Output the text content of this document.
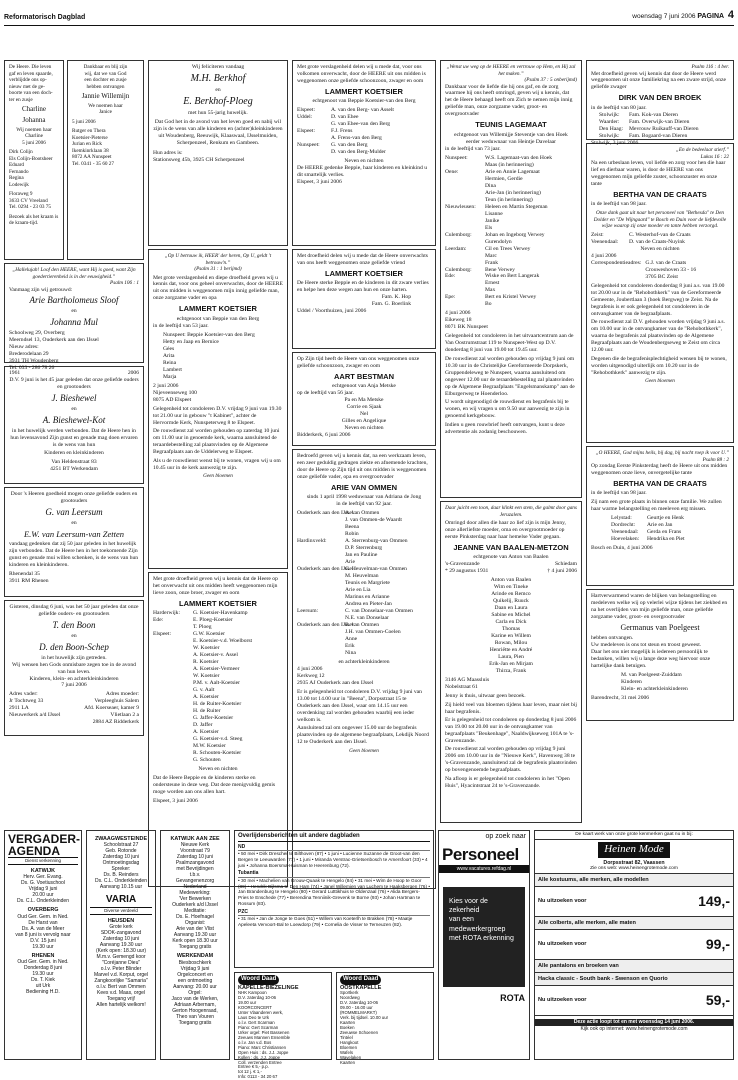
Reformatorisch Dagblad	woensdag 7 juni 2006 PAGINA 4
De Heere. Die leven
gaf en leven spaarde,
verblijdde ons op-
nieuw met de ge-
boorte van een doch-
ter en zusje
Charline
Johanna
Wij noemen haar
Charline
5 juni 2006
Dirk Colijn
Els Colijn-Bootsheer
Eduard
Fernando
Regina
Lodewijk
Floraweg 9
3633 CV Vreeland
Tel. 0294 - 23 03 75
Bezoek als het kraam is de kraam-tijd.
Dankbaar en blij zijn
wij, dat we van God
een dochter en zusje
hebben ontvangen
Jannie Willemijn
We noemen haar
Janice
5 juni 2006
Rutger en Thera
Koetsier-Pieterse
Jurian en Rick
Ikemkinrklaan 38
8072 AA Nunspeet
Tel. 0341 - 35 60 27
„Hallelujah! Loof den HEERE, want Hij is goed, want Zijn goedertierenheid is in der eeuwigheid.”
Psalm 106 : 1
Vanmaag zijn wij getrouwd:
Arie Bartholomeus Sloof
en
Johanna Mul
Schoolweg 29, Overberg
Meerndsel 13, Ouderkerk aan den IJssel
Nieuw adres:
Brederodelaan 29
3931 TH Woudenberg
Tel. 033 - 286 78 26
1961	2006
D.V. 9 juni is het 45 jaar geleden dat onze geliefde ouders en grootouders
J. Bieshewel
en
A. Bieshewel-Kot
in het huwelijk werden verbonden. Dat de Heere hen in hun levensavond Zijn gunst en genade mag doen ervaren is de wens van hun
Kinderen en kleinkinderen
Van Heldenstraat 83
4251 BT Werkendam
Door 's Heeren goedheid mogen onze geliefde ouders en grootouders
G. van Leersum
en
E.W. van Leersum-van Zetten
vandaag gedenken dat zij 50 jaar geleden in het huwelijk zijn verbonden. Dat de Heere hen in het toekomende Zijn gunst en genade mui willen schenken, is de wens van hun kinderen en kleinkinderen.
Rhenendal 35
3911 RM Rhenen
Gisteren, dinsdag 6 juni, was het 50 jaar geleden dat onze geliefde ouders- en grootouders
T. den Boon
en
D. den Boon-Schep
in het huwelijk zijn getreden.
Wij wensen hen Gods onmisbare zegen toe in de avond van hun leven.
Kinderen, klein- en achterkleinkinderen
7 juni 2006
Adres vader:
Jr Tochtweg 33
2911 LA
Nieuwerkerk a/d IJssel
Adres moeder:
Verpleeghuis Salem
Afd. Koerseaer, kamer 9
Vlietlaan 2 a
2884 AZ Ridderkerk
Wij feliciteren vandaag
M.H. Berkhof
en
E. Berkhof-Ploeg
met hun 55-jarig huwelijk.
Dat God het in de avond van het leven goed en nabij wil zijn is de wens van alle kinderen en (achter)kleinkinderen uit Woudenberg, Reeuwijk, Klaaswaal, IJsselmuiden, Scherpenzeel, Renkum en Gambeen.
Hun adres is:
Stationsweg 45b, 3925 CH Scherpenzeel
„Op U betrouw ik, HEER' der heren, Op U, geldt 't betrouw'n.”
(Psalm 31 : 1 berijmd)
Met grote verslagenheid en diepe droefheid geven wij u kennis dat, voor ons geheel onverwachts, door de HEERE uit ons midden is weggenomen mijn innig geliefde man, onze zorgzame vader en opa
LAMMERT KOETSIER
echtgenoot van Beppie van den Berg
in de leeftijd van 53 jaar.
Nunspeet: Beppie Koetsier-van den Berg
Hetty en Jaap en Bernice
Gées
Arita
Reina
Lambert
Marja
2 juni 2006
Nijeveenseweg 100
8075 AD Elspeet

Gelegenheid tot condoleren D.V. vrijdag 9 juni van 19.30 tot 21.00 uur in gebouw "t Kabinet", achter de Hervormde Kerk, Nunspeterweg 8 te Elspeet.

De rouwdienst zal worden gehouden op zaterdag 10 juni om 11.00 uur in genoemde kerk, waarna aansluitend de teraardebestelling zal plaatsvinden op de Algemene Begraafplaats aan de Uddelerweg te Elspeet.

Als u de rouwdienst wenst bij te wonen, vragen wij u om 10.45 uur in de kerk aanwezig te zijn.

Geen bloemen
Met grote droefheid geven wij u kennis dat de Heere op het onverwacht uit ons midden heeft weggenomen mijn lieve zoon, onze broer, zwager en oom
LAMMERT KOETSIER
Harderwijk:	G. Koetsier-Havenkamp
Ede:	E. Ploeg-Koetsier
T. Ploeg
Elspeet:	G.W. Koetsier
E. Koetsier-v.d. Woelborst
W. Koetsier
A. Koetsier-v. Assel
R. Koetsier
A. Koetsier-Vermeer
W. Koetsier
P.M. v. Aalt-Koetsier
G. v. Aalt
A. Koetsier
H. de Ruiter-Koetsier
H. de Ruiter
G. Jaffer-Koetsier
D. Jaffer
A. Koetsier
G. Koetsier-v.d. Steeg
M.W. Koetsier
R. Schouten-Koetsier
G. Schouten
Neven en nichten
Dat de Heere Beppie en de kinderen sterke en ondersteune in deze weg. Dat deze menigvuldig gemis moge worden aan ons allen hart.
Elspeet, 3 juni 2006
Met grote verslagenheid delen wij u mede dat, voor ons volkomen onverwacht, door de HEERE uit ons midden is weggenomen onze geliefde schoonzoon, zwager en oom
LAMMERT KOETSIER
echtgenoot van Beppie Koetsier-van den Berg
Elspeet:	A. van den Berg- van Asselt
Uddel:	D. van Ehee
G. van Ehee-van den Berg
Elspeet:	F.J. Frens
A. Frens-van den Berg
Nunspeet:	G. van den Berg
D. van den Berg-Mulder
Neven en nichten
De HEERE gedenke Beppie, haar kinderen en kleinkind u dit smartelijk verlies.
Elspeet, 3 juni 2006
Met droefheid delen wij u mede dat de Heere onverwachts van ons heeft weggenomen onze geliefde vriend
LAMMERT KOETSIER
De Heere sterke Beppie en de kinderen in dit zware verlies en helpe hen deze wegen aan hun en onze harten.
Fam. K. Hop
Fam. G. Boerlink
Uddel / Voorthuizen, juni 2006
Op Zijn tijd heeft de Heere van ons weggenomen onze geliefde schoonzoon, zwager en oom
AART BESTMAN
echtgenoot van Anja Metske
op de leeftijd van 56 jaar.
Pa en Ma Metske
Corrie en Sjaak
Nel
Gilles en Angelique
Neven en nichten
Bidderkerk, 6 juni 2006
Bedroefd geven wij u kennis dat, na een werkzaam leven, een zeer geduldig gedragen ziekte en afnemende krachten, door de Heere op Zijn tijd uit ons midden is weggenomen onze geliefde vader, opa en overgrootvader
ARIE VAN OMMEN
sinds 1 april 1998 weduwnaar van Adriana de Jong
in de leeftijd van 92 jaar.
Ouderkerk aan den IJssel:
A. van Ommen
J. van Ommen-de Waardt
Beena
Robin
Hardinxveld:	A. Sterrenburg-van Ommen
D.P. Sterrenburg
Jan en Pauline
Arie
Ouderkerk aan den IJssel:
G. Heuvelman-van Ommen
M. Heuvelman
Teunis en Margriete
Arie en Lia
Marinus en Arianne
Andrea en Pieter-Jan
Leersum:	C. van Donselaar-van Ommen
N.E. van Donselaar
Ouderkerk aan den IJssel:
B. van Ommen
J.H. van Ommen-Coelen
Anne
Erik
Nina
en achterkleinkinderen
4 juni 2006
Kerkweg 12
2935 AJ Ouderkerk aan den IJssel

Er is gelegenheid tot condoleren D.V. vrijdag 9 juni van 13.00 tot 14.00 uur in "Beena", Dorpsstraat 15 te Ouderkerk aan den IJssel, waar om 14.15 uur een overdenking zal worden gehouden waarbij een ieder welkom is.

Aansluitend zal om ongeveer 15.00 uur de begrafenis plaatsvinden op de algemene begraafplaats, Lekdijk Noord 12 te Ouderkerk aan den IJssel.

Geen bloemen
„Wenst uw weg op de HEERE en vertrouw op Hem, en Hij zal het maken.”
(Psalm 37 : 5 onberijmd)
Dankbaar voor de liefde die hij ons gaf, en de zorg waarmee hij ons heeft omringd, geven wij u kennis, dat het de Heere behaagd heeft om Zich te nemen mijn innig geliefde man, onze zorgzame vader, groot- en overgrootvader
TEUNIS LAGEMAAT
echtgenoot van Willemijje Steventje van den Hoek
eerder weduwnaar van Heintje Davelaar
in de leeftijd van 73 jaar.
Nunspeet:	W.S. Lagemaat-van den Hoek
Maas (in herinnering)
Oene:	Arie en Annie Lagemaat
Hermien, Gerdie
Dina
Arie-Jan (in herinnering)
Teun (in herinnering)
Nieuwleusen:	Heleen en Martin Stegeman
Lisanne
Janike
Els
Culemborg:	Johan en Ingeborg Verwey
Gurendolyn
Leerdam:	Cil en Trees Verwey
Marc
Frank
Culemborg:	Bene Verwey
Ede:	Wiske en Bert Langerak
Ernest
Max
Epe:	Bert en Kristel Verwey
Bo
4 juni 2006
Eikeweg 18
8071 BK Nunspeet

Gelegenheid tot condoleren in het uitvaartcentrum aan de Van Oostrumstraat 119 te Nunspeet-West op D.V. donderdag 8 juni van 19.00 tot 19.45 uur.

De rouwdienst zal worden gehouden op vrijdag 9 juni om 10.30 uur in de Christelijke Gereformeerde Dorpskerk, Gruppendeleweg te Nunspeet, waarna aansluitend om ongeveer 12.00 uur de teraardebestelling zal plaatsvinden op de Algemene Begraafplaats "Engelsmanskamp" aan de Elburgerweg te Hoenderloo.

U wordt uitgenodigd de rouwdienst en begrafenis bij te wonen, en wij vragen u om 9.50 uur aanwezig te zijn in genoemd kerkgebouw.

Indien u geen rouwbrief heeft ontvangen, kunt u deze advertentie als zodanig beschouwen.

Daar juicht een toon, daar klinkt een stem, die galmt door gans Jeruzalem.
Omringd door allen die haar zo lief zijn is mijn Jenny, onze allerliefste moeder, oma en overgrootmoeder op eerste Pinksterdag naar haar hemelse Vader gegaan.
JEANNE VAN BAALEN-METZON
echtgenote van Anton van Baalen
's-Gravenzande
* 29 augustus 1931
Schiedam
† 4 juni 2006
Anton van Baalen
Wim en Tineke
Arinde en Remco
Quikelij, Ruuck
Daan en Laura
Sabine en Michel
Carla en Dick
Thomas
Karine en Willem
Rowan, Milou
Henriëtte en André
Laura, Pien
Erik-Jan en Mirjam
Thirza, Frank
3146 AG Maassluis
Nobelstraat 61

Jenny is thuis, uitwaar geen bezoek.

Zij hield veel van bloemen tijdens haar leven, maar niet bij haar begrafenis.

Er is gelegenheid tot condoleren op donderdag 8 juni 2006 van 19.00 tot 20.00 uur in de ontvangkamer van begraafplaats "Beukenhage", Naaldwijkseweg 101A te 's-Gravenzande.

De rouwdienst zal worden gehouden op vrijdag 9 juni 2006 om 10.00 uur in de "Nieuwe Kerk", Havenweg 38 te 's-Gravenzande, aansluitend zal de begrafenis plaatsvinden op bovengenoemde begraafplaats.

Na afloop is er gelegenheid tot condoleren in het "Open Huis", Hyacintstraat 24 te 's-Gravenzande.

Psalm 116 : 4 ber.
Met droefheid geven wij kennis dat door de Heere werd weggenomen uit onze familiekring na een zware strijd, onze geliefde zwager
DIRK VAN DEN BROEK
in de leeftijd van 80 jaar.
Stolwijk:	Fam. Kok-van Dieren
Waarder:	Fam. Overwijk-van Dieren
Den Haag:	Mevrouw Ruikauff-van Dieren
Stolwijk:	Fam. Bogaard-van Dieren
Stolwijk, 3 juni 2006
„En de bedeelaar stierf.”
Lukas 16 : 22
Na een urbeslaan leven, vol liefde en zorg voor hen die haar lief en dierbaar waren, is door de HEERE van ons weggenomen mijn geliefde zuster, schoonzuster en onze tante
BERTHA VAN DE CRAATS
in de leeftijd van 98 jaar.
Onze dank gaat uit naar het personeel van "Bethesda" te Den Dolder en "De Wijngaard" te Bosch en Duin voor de liefdevolle wijze waarop zij onze moeder en tante hebben verzorgd.
Zeist:	C. Westerhof-van de Craats
Veenendaal:	D. van de Craats-Nuyink
Neven en nichten
4 juni 2006
Correspondentieadres: G.J. van de Craats
Crouweshoven 33 - 16
3705 BC Zeist

Gelegenheid tot condoleren donderdag 8 juni a.s. van 19.00 tot 20.00 uur in de "Rehobothkerk" van de Gereformeerde Gemeente, Joubertlaan 3 (hoek Bergweg) te Zeist. Na de begrafenis is er ook gelegenheid tot condoleren in de ontvangkamer van de begraafplaats.

De rouwdienst zal D.V. gehouden worden vrijdag 9 juni a.s. om 10.00 uur in de ontvangkamer van de "Rehobothkerk", waarna de begrafenis zal plaatsvinden op de Algemene Begraafplaats aan de Woudenbergseweg te Zeist om circa 12.00 uur.

Degenen die de begrafenisplechtigheid wensen bij te wonen, worden uitgenodigd uiterlijk om 10.20 uur in de "Rehobothkerk" aanwezig te zijn.

Geen bloemen
„O HEERE, God mijns heils, bij dag, bij nacht roep ik voor U.”
Psalm 88 : 2
Op zondag Eerste Pinksterdag heeft de Heere uit ons midden weggenomen onze lieve, onvergetelijke tante
BERTHA VAN DE CRAATS
in de leeftijd van 98 jaar.
Zij nam een grote plaats in binnen onze familie. We zullen haar warme belangstelling en meeleven erg missen.
Lelystad:	Geurtje en Henk
Dordrecht:	Arie en Jan
Veenendaal:	Gerda en Frans
Hoevelaken:	Hendrika en Piet
Bosch en Duin, 4 juni 2006
Hartverwarmend waren de blijken van belangstelling en medeleven welke wij op velerlei wijze tijdens het ziekbed en na het overlijden van mijn geliefde man, onze geliefde zorgzame vader, groot- en overgrootvader
Germanus van Poelgeest
hebben ontvangen.
Uw medeleven is ons tot steun en troost geweest.
Daar het ons niet mogelijk is iedereen persoonlijk te bedanken, willen wij u lange deze weg hiervoor onze hartelijke dank betuigen.
M. van Poelgeest-Zuiddam
Kinderen
Klein- en achterkleinkinderen
Barendrecht, 31 mei 2006
VERGADER-
AGENDA
Dienst verkenning
KATWIJK
Herv. Ger. Evang.
Ds. G. Voetiuschool
Vrijdag 9 juni
20.00 uur
Ds. C.L. Onderkleinden
OVERBERG
Oud Ger. Gem. in Ned.
De Harst van
Ds. A. van de Meer
van 8 juni is vervolg naar
D.V. 15 juni
19.30 uur
RHENEN
Oud Ger. Gem. in Ned.
Donderdag 8 juni
19.30 uur
Ds. T. Kiek
uit Urk
Bediening H.D.
ZWAAGWESTEINDE
Schoolstraat 27
Geb. Rotonde
Zaterdag 10 juni
Ontmoetingsdag
Spreker:
Ds. B. Reinders
Ds. C.L. Onderkleinden
Aanvang 10.15 uur
VARIA
Diverse verdeeld
HEUSDEN
Grote kerk
SDOK-zangavond
Zaterdag 10 juni
Aanvang 19.30 uur
(Kerk open: 18.30 uur)
M.m.v. Gemengd koor
"Coréjanne Dieu"
o.l.v. Peter Blinder
Marvel v.d. Korput, orgel
Zangkoorlijke "Samaria"
o.l.v. Bert van Ommen
Kees v.d. Maas, orgel
Toegang vrij!
Allen hartelijk welkom!
KATWIJK AAN ZEE
Nieuwe Kerk
Voorstraat 79
Zaterdag 10 juni
Psalmzangavond
met Bevrijdingen
t.b.v.
Gevangenenzorg
Nederland
Medewerking:
'Ver Bewerken
Ouderkerk a/d IJssel
Meditatie:
Ds. E. Hoefnagel
Organist:
Arie van der Vlist
Aanvang 19.30 uur
Kerk open 18.30 uur
Toegang gratis
WERKENDAM
Biesboschkerk
Vrijdag 9 juni
Orgelconcert en
een ontmoeting
Aanvang: 20.00 uur
Orgel:
Jaco van de Werken,
Adriaan Arbernam,
Gerton Hoogenraad,
Theo van Vouren
Toegang gratis
Overlijdensberichten uit andere dagbladen
ND
• 50 mei • Dirk Drescher te Bilthoven (87) • 1 juni • Lucienne Suzanne de Groot-van den Bergen te Leeuwarden (77) • 1 juni • Miranda Verstrac-Grietsenbosch te Amersfoort (33) • 4 juni • Johanna Boersma-Huisman te Heerenburg (72).
Tubantia
• 30 mei • Machelien van Grouw-Quaak te Hengelo (84) • 31 mei • Wim de Hoop te Goor (89) • Hendrik Bijlsma te Den Ham (74) • Janel Willemien van Luchem te Haaksbergen (76) • Jan Brandenburg te Hengelo (80) • Gerard Lutttikhuis te Oldenzaal (76) • Alida Bergers-Pries te Enschede (77) • Berendina Tenniinik-Grevenk te Borne (93) • Johan Hartman te Rossum (83).
PZC
• 31 mei • Jan de Jonge te Goes (51) • Willem van Koeterlh te Brakken (78) • Maatje Apeleeta Vervoort-Bal te Loewdorp (79) • Cornelia de Visser te Terneuzen (82).
Woord Daad
KAPELLE-BIEZELINGE
NHK Kampoon
D.V. zaterdag 10-06
19.00 uur
KOORCONCERT
Unter Vlaanderen werk,
Laus Deo te Urk
o.l.v. Gert Scarman
Piano: Gert Scarman
Urker orgel: Piet Bassenen
Zeeuws Mannen Ensemble
o.l.v. Jan v.d. Bos
Piano: Marc Christiansen
Open Huis : ds. J.J. Joppe
Kollen : ds. J.J. Joppe
Coll. verzenden Entree
Entree € 5,- p.p.
tot 12 j. € 1,-
Info: 0113 - 34 20 67
Woord Daad
OOSTKAPELLE
Sportkerk
Noordweg
D.V. zaterdag 10-06
09.00 - 16.00 uur
(ROMMELMARKT)
Verk. bij tijdsel. 10.00 uur
Kaarten
Boeken
Zeeuwse Schoenen
Tintéel
Hangkoot
Bloemen
Wafels
Wavelaken
Kaarten
op zoek naar
Personeel
www.vacatures.refdag.nl
Kies voor de
zekerheid
van een
medewerkergroep
met ROTA erkenning
ROTA
De kaart werk van onze grote kenmerken gaat nu in bij:
Heinen Mode
Dorpsstraat 82, Vaassen
Zie ons web: www.heinengrotemode.com
Alle kostuums, alle merken, alle modellen
Nu uitzoeken voor	149,-
Alle colberts, alle merken, alle maten
Nu uitzoeken voor	99,-
Alle pantalons en broeken van
Hacka classic - South bank - Swenson en Quorio
Nu uitzoeken voor	59,-
Deze actie loopt tot en met woensdag 14 juni 2006.
Kijk ook op internet: www.heinengrotemode.com
